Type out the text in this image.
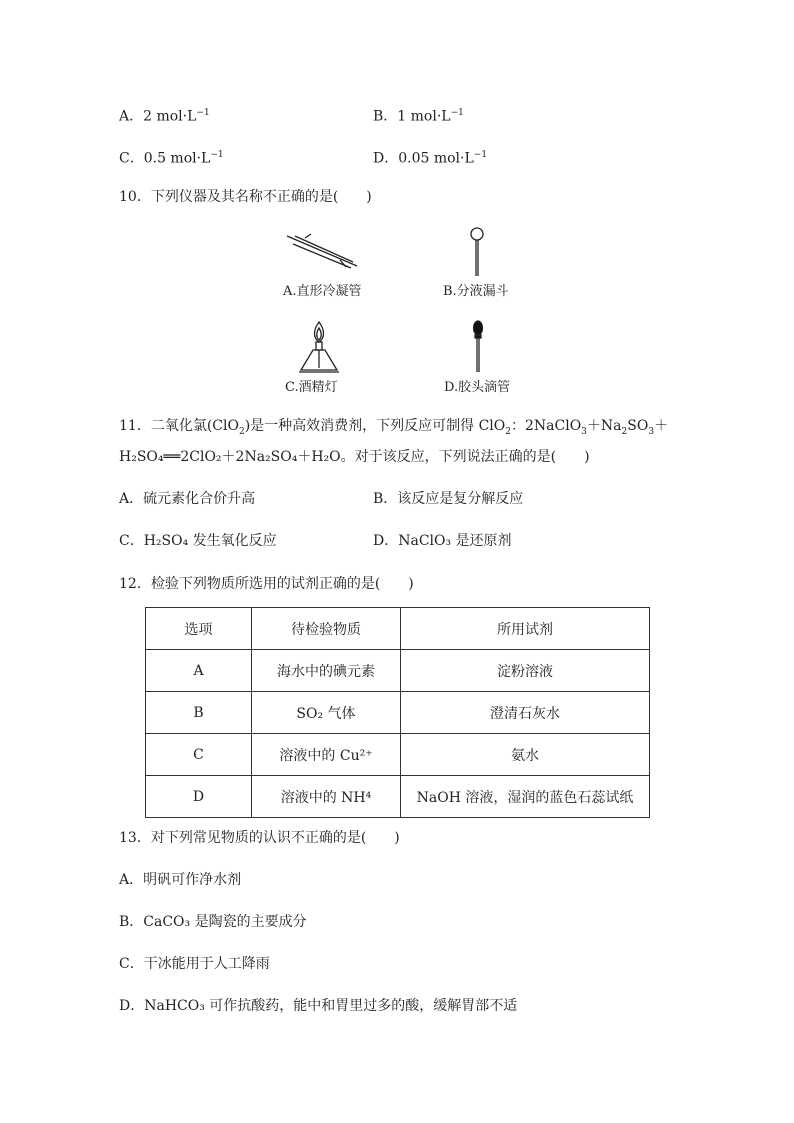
A．2 $mol\cdot L^{-1}$	B．1 $mol\cdot L^{-1}$
C．0.5 $mol\cdot L^{-1}$	D．0.05 $mol\cdot L^{-1}$
10．下列仪器及其名称不正确的是(　　)
A.直形冷凝管	B.分液漏斗
C.酒精灯	D.胶头滴管
11．二氧化氯(ClO$_2$)是一种高效消费剂，下列反应可制得 ClO$_2$：$2NaClO_3+Na_2SO_3+$
H₂SO₄══2ClO₂＋2Na₂SO₄＋H₂O。对于该反应，下列说法正确的是(　　)
A．硫元素化合价升高	B．该反应是复分解反应
C．H₂SO₄ 发生氧化反应	D．NaClO₃ 是还原剂
12．检验下列物质所选用的试剂正确的是(　　)
选项	待检验物质	所用试剂
A	海水中的碘元素	淀粉溶液
B	SO₂ 气体	澄清石灰水
C	溶液中的 Cu²⁺	氨水
D	溶液中的 NH⁴	NaOH 溶液，湿润的蓝色石蕊试纸
13．对下列常见物质的认识不正确的是(　　)
A．明矾可作净水剂
B．CaCO₃ 是陶瓷的主要成分
C．干冰能用于人工降雨
D．NaHCO₃ 可作抗酸药，能中和胃里过多的酸，缓解胃部不适
